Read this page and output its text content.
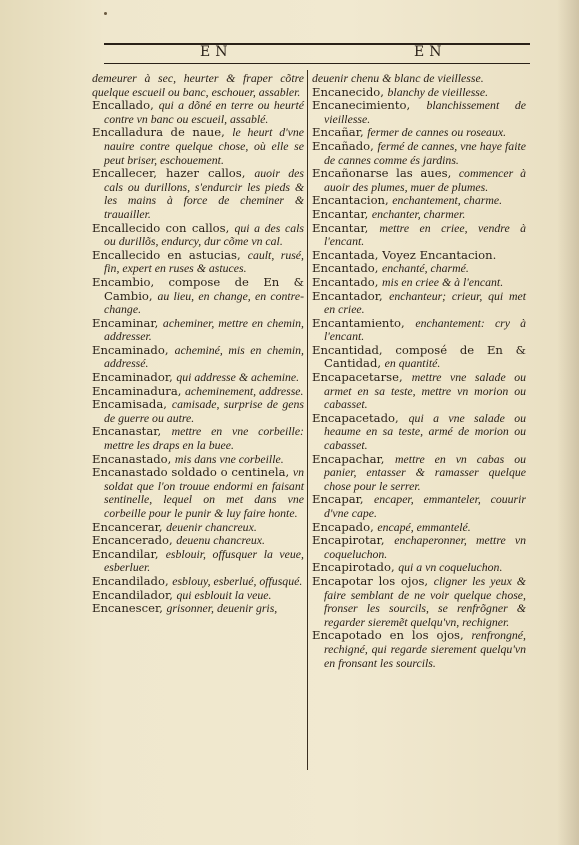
EN	EN

demeurer à sec, heurter & fraper cõtre quelque escueil ou banc, eschouer, assabler.

Encallado, qui a dõné en terre ou heurté contre vn banc ou escueil, assablé.

Encalladura de naue, le heurt d'vne nauire contre quelque chose, où elle se peut briser, eschouement.

Encallecer, hazer callos, auoir des cals ou durillons, s'endurcir les pieds & les mains à force de cheminer & trauailler.

Encallecido con callos, qui a des cals ou durillõs, endurcy, dur cõme vn cal.

Encallecido en astucias, cault, rusé, fin, expert en ruses & astuces.

Encambio, compose de En & Cambio, au lieu, en change, en contre-change.

Encaminar, acheminer, mettre en chemin, addresser.

Encaminado, acheminé, mis en chemin, addressé.

Encaminador, qui addresse & achemine.

Encaminadura, acheminement, addresse.

Encamisada, camisade, surprise de gens de guerre ou autre.

Encanastar, mettre en vne corbeille: mettre les draps en la buee.

Encanastado, mis dans vne corbeille.

Encanastado soldado o centinela, vn soldat que l'on trouue endormi en faisant sentinelle, lequel on met dans vne corbeille pour le punir & luy faire honte.

Encancerar, deuenir chancreux.

Encancerado, deuenu chancreux.

Encandilar, esblouir, offusquer la veue, esberluer.

Encandilado, esblouy, esberlué, offusqué.

Encandilador, qui esblouit la veue.

Encanescer, grisonner, deuenir gris,

deuenir chenu & blanc de vieillesse.

Encanecido, blanchy de vieillesse.

Encanecimiento, blanchissement de vieillesse.

Encañar, fermer de cannes ou roseaux.

Encañado, fermé de cannes, vne haye faite de cannes comme és jardins.

Encañonarse las aues, commencer à auoir des plumes, muer de plumes.

Encantacion, enchantement, charme.

Encantar, enchanter, charmer.

Encantar, mettre en criee, vendre à l'encant.

Encantada, Voyez Encantacion.

Encantado, enchanté, charmé.

Encantado, mis en criee & à l'encant.

Encantador, enchanteur; crieur, qui met en criee.

Encantamiento, enchantement: cry à l'encant.

Encantidad, composé de En & Cantidad, en quantité.

Encapacetarse, mettre vne salade ou armet en sa teste, mettre vn morion ou cabasset.

Encapacetado, qui a vne salade ou heaume en sa teste, armé de morion ou cabasset.

Encapachar, mettre en vn cabas ou panier, entasser & ramasser quelque chose pour le serrer.

Encapar, encaper, emmanteler, couurir d'vne cape.

Encapado, encapé, emmantelé.

Encapirotar, enchaperonner, mettre vn coqueluchon.

Encapirotado, qui a vn coqueluchon.

Encapotar los ojos, cligner les yeux & faire semblant de ne voir quelque chose, fronser les sourcils, se renfrõgner & regarder sieremẽt quelqu'vn, rechigner.

Encapotado en los ojos, renfrongné, rechigné, qui regarde sierement quelqu'vn en fronsant les sourcils.
